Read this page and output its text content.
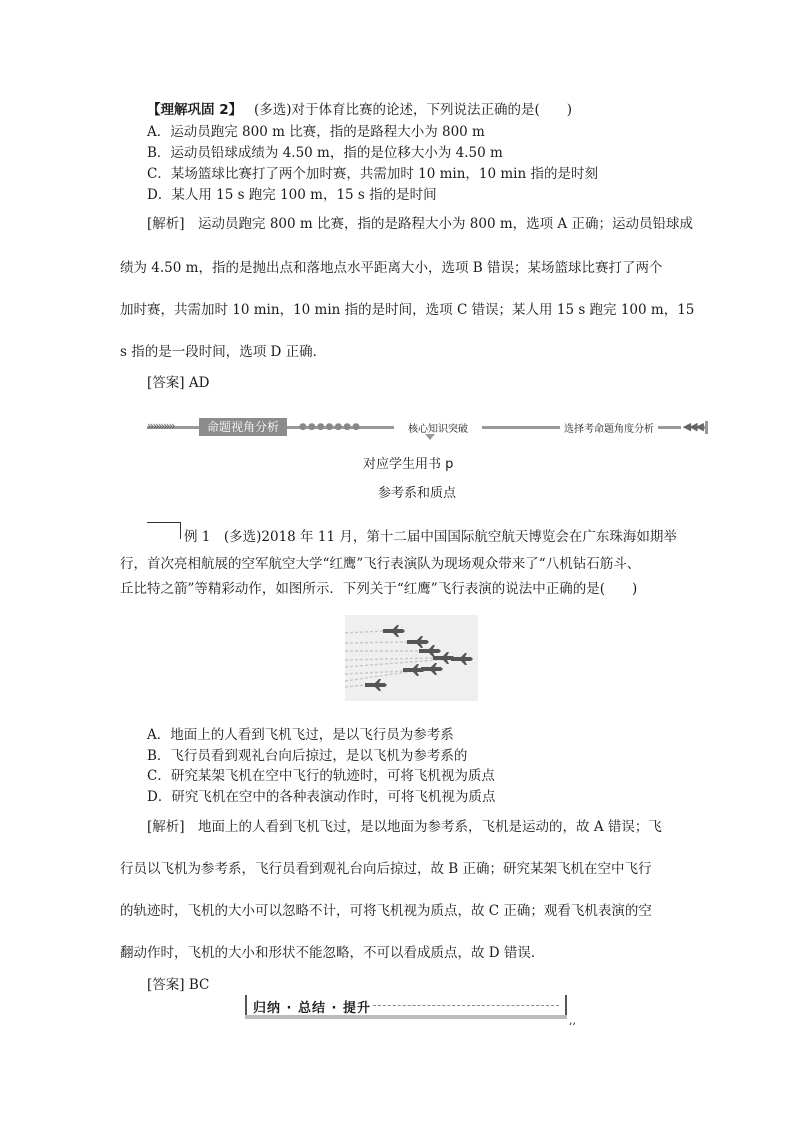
【理解巩固 2】 (多选)对于体育比赛的论述，下列说法正确的是(　　)
A．运动员跑完 800 m 比赛，指的是路程大小为 800 m
B．运动员铅球成绩为 4.50 m，指的是位移大小为 4.50 m
C．某场篮球比赛打了两个加时赛，共需加时 10 min，10 min 指的是时刻
D．某人用 15 s 跑完 100 m，15 s 指的是时间
[解析]　运动员跑完 800 m 比赛，指的是路程大小为 800 m，选项 A 正确；运动员铅球成
绩为 4.50 m，指的是抛出点和落地点水平距离大小，选项 B 错误；某场篮球比赛打了两个
加时赛，共需加时 10 min，10 min 指的是时间，选项 C 错误；某人用 15 s 跑完 100 m，15
s 指的是一段时间，选项 D 正确．
[答案] AD
»»»»»	命题视角分析	●●●●●●●	核心知识突破	选择考命题角度分析	◀◀◀
对应学生用书 p
参考系和质点
例 1　(多选)2018 年 11 月，第十二届中国国际航空航天博览会在广东珠海如期举
行，首次亮相航展的空军航空大学“红鹰”飞行表演队为现场观众带来了“八机钻石筋斗、
丘比特之箭”等精彩动作，如图所示．下列关于“红鹰”飞行表演的说法中正确的是(　　)
A．地面上的人看到飞机飞过，是以飞行员为参考系
B．飞行员看到观礼台向后掠过，是以飞机为参考系的
C．研究某架飞机在空中飞行的轨迹时，可将飞机视为质点
D．研究飞机在空中的各种表演动作时，可将飞机视为质点
[解析]　地面上的人看到飞机飞过，是以地面为参考系，飞机是运动的，故 A 错误；飞
行员以飞机为参考系，飞行员看到观礼台向后掠过，故 B 正确；研究某架飞机在空中飞行
的轨迹时，飞机的大小可以忽略不计，可将飞机视为质点，故 C 正确；观看飞机表演的空
翻动作时，飞机的大小和形状不能忽略，不可以看成质点，故 D 错误．
[答案] BC
归纳 · 总结 · 提升
,,
